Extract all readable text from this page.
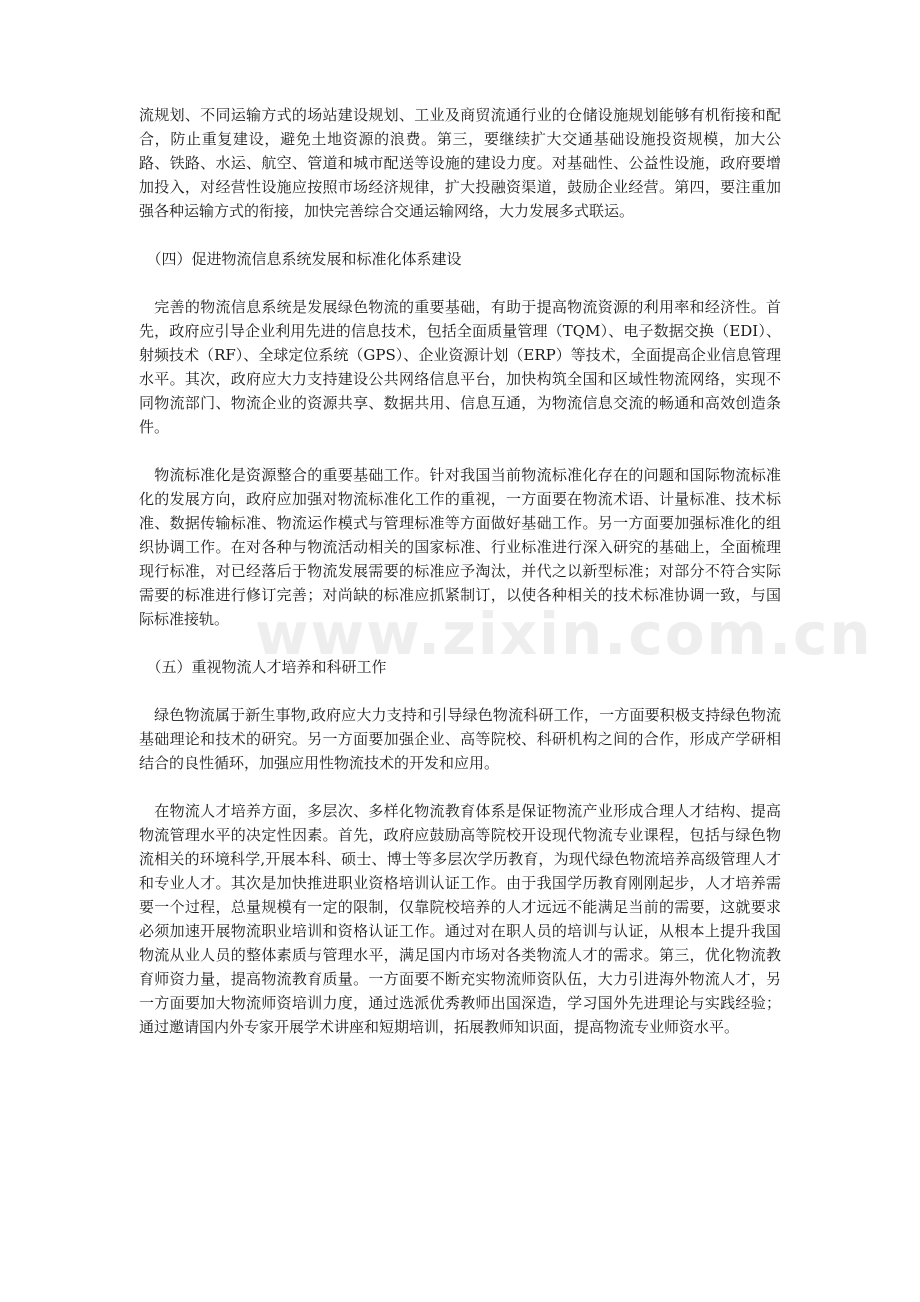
流规划、不同运输方式的场站建设规划、工业及商贸流通行业的仓储设施规划能够有机衔接和配合，防止重复建设，避免土地资源的浪费。第三，要继续扩大交通基础设施投资规模，加大公路、铁路、水运、航空、管道和城市配送等设施的建设力度。对基础性、公益性设施，政府要增加投入，对经营性设施应按照市场经济规律，扩大投融资渠道，鼓励企业经营。第四，要注重加强各种运输方式的衔接，加快完善综合交通运输网络，大力发展多式联运。

　（四）促进物流信息系统发展和标准化体系建设

　完善的物流信息系统是发展绿色物流的重要基础，有助于提高物流资源的利用率和经济性。首先，政府应引导企业利用先进的信息技术，包括全面质量管理（TQM）、电子数据交换（EDI）、射频技术（RF）、全球定位系统（GPS）、企业资源计划（ERP）等技术，全面提高企业信息管理水平。其次，政府应大力支持建设公共网络信息平台，加快构筑全国和区域性物流网络，实现不同物流部门、物流企业的资源共享、数据共用、信息互通，为物流信息交流的畅通和高效创造条件。

　物流标准化是资源整合的重要基础工作。针对我国当前物流标准化存在的问题和国际物流标准化的发展方向，政府应加强对物流标准化工作的重视，一方面要在物流术语、计量标准、技术标准、数据传输标准、物流运作模式与管理标准等方面做好基础工作。另一方面要加强标准化的组织协调工作。在对各种与物流活动相关的国家标准、行业标准进行深入研究的基础上，全面梳理现行标准，对已经落后于物流发展需要的标准应予淘汰，并代之以新型标准；对部分不符合实际需要的标准进行修订完善；对尚缺的标准应抓紧制订，以使各种相关的技术标准协调一致，与国际标准接轨。

　（五）重视物流人才培养和科研工作

　绿色物流属于新生事物,政府应大力支持和引导绿色物流科研工作，一方面要积极支持绿色物流基础理论和技术的研究。另一方面要加强企业、高等院校、科研机构之间的合作，形成产学研相结合的良性循环，加强应用性物流技术的开发和应用。

　在物流人才培养方面，多层次、多样化物流教育体系是保证物流产业形成合理人才结构、提高物流管理水平的决定性因素。首先，政府应鼓励高等院校开设现代物流专业课程，包括与绿色物流相关的环境科学,开展本科、硕士、博士等多层次学历教育，为现代绿色物流培养高级管理人才和专业人才。其次是加快推进职业资格培训认证工作。由于我国学历教育刚刚起步，人才培养需要一个过程，总量规模有一定的限制，仅靠院校培养的人才远远不能满足当前的需要，这就要求必须加速开展物流职业培训和资格认证工作。通过对在职人员的培训与认证，从根本上提升我国物流从业人员的整体素质与管理水平，满足国内市场对各类物流人才的需求。第三，优化物流教育师资力量，提高物流教育质量。一方面要不断充实物流师资队伍，大力引进海外物流人才，另一方面要加大物流师资培训力度，通过选派优秀教师出国深造，学习国外先进理论与实践经验；通过邀请国内外专家开展学术讲座和短期培训，拓展教师知识面，提高物流专业师资水平。

www.zixin.com.cn
